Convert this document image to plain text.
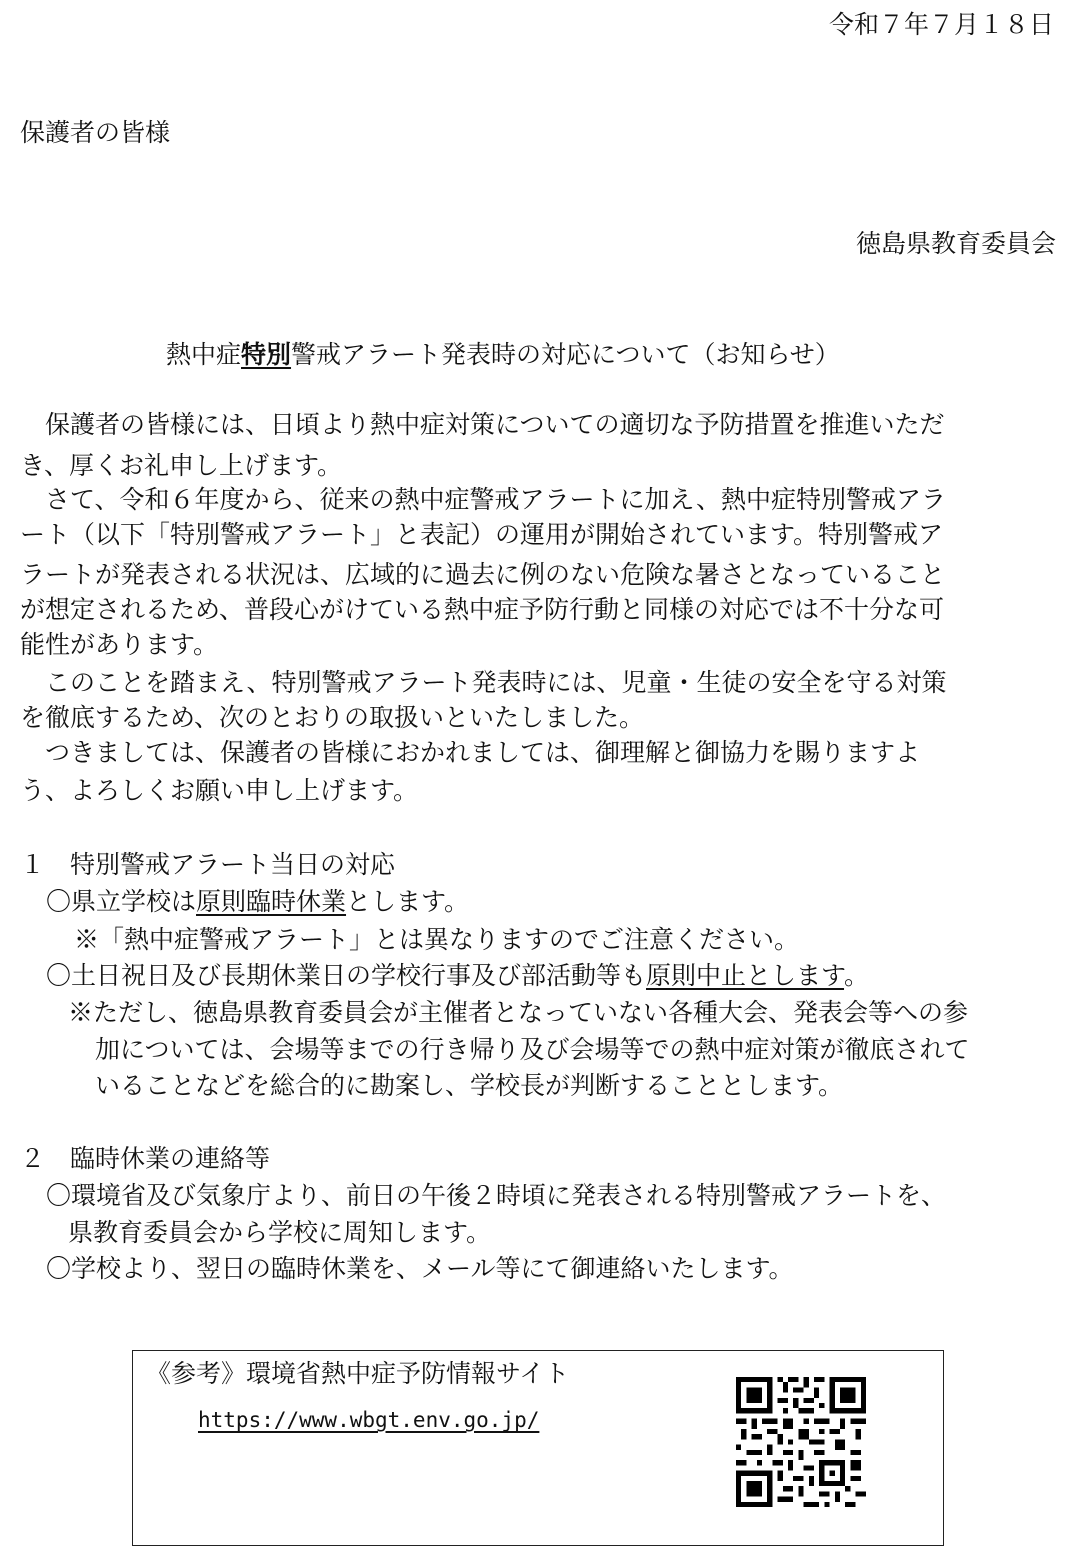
令和７年７月１８日
保護者の皆様
徳島県教育委員会
熱中症特別警戒アラート発表時の対応について（お知らせ）
　保護者の皆様には、日頃より熱中症対策についての適切な予防措置を推進いただ
き、厚くお礼申し上げます。
　さて、令和６年度から、従来の熱中症警戒アラートに加え、熱中症特別警戒アラ
ート（以下「特別警戒アラート」と表記）の運用が開始されています。特別警戒ア
ラートが発表される状況は、広域的に過去に例のない危険な暑さとなっていること
が想定されるため、普段心がけている熱中症予防行動と同様の対応では不十分な可
能性があります。
　このことを踏まえ、特別警戒アラート発表時には、児童・生徒の安全を守る対策
を徹底するため、次のとおりの取扱いといたしました。
　つきましては、保護者の皆様におかれましては、御理解と御協力を賜りますよ
う、よろしくお願い申し上げます。
１　特別警戒アラート当日の対応
〇県立学校は原則臨時休業とします。
※「熱中症警戒アラート」とは異なりますのでご注意ください。
〇土日祝日及び長期休業日の学校行事及び部活動等も原則中止とします。
※ただし、徳島県教育委員会が主催者となっていない各種大会、発表会等への参
加については、会場等までの行き帰り及び会場等での熱中症対策が徹底されて
いることなどを総合的に勘案し、学校長が判断することとします。
２　臨時休業の連絡等
〇環境省及び気象庁より、前日の午後２時頃に発表される特別警戒アラートを、
県教育委員会から学校に周知します。
〇学校より、翌日の臨時休業を、メール等にて御連絡いたします。
《参考》環境省熱中症予防情報サイト
https://www.wbgt.env.go.jp/
